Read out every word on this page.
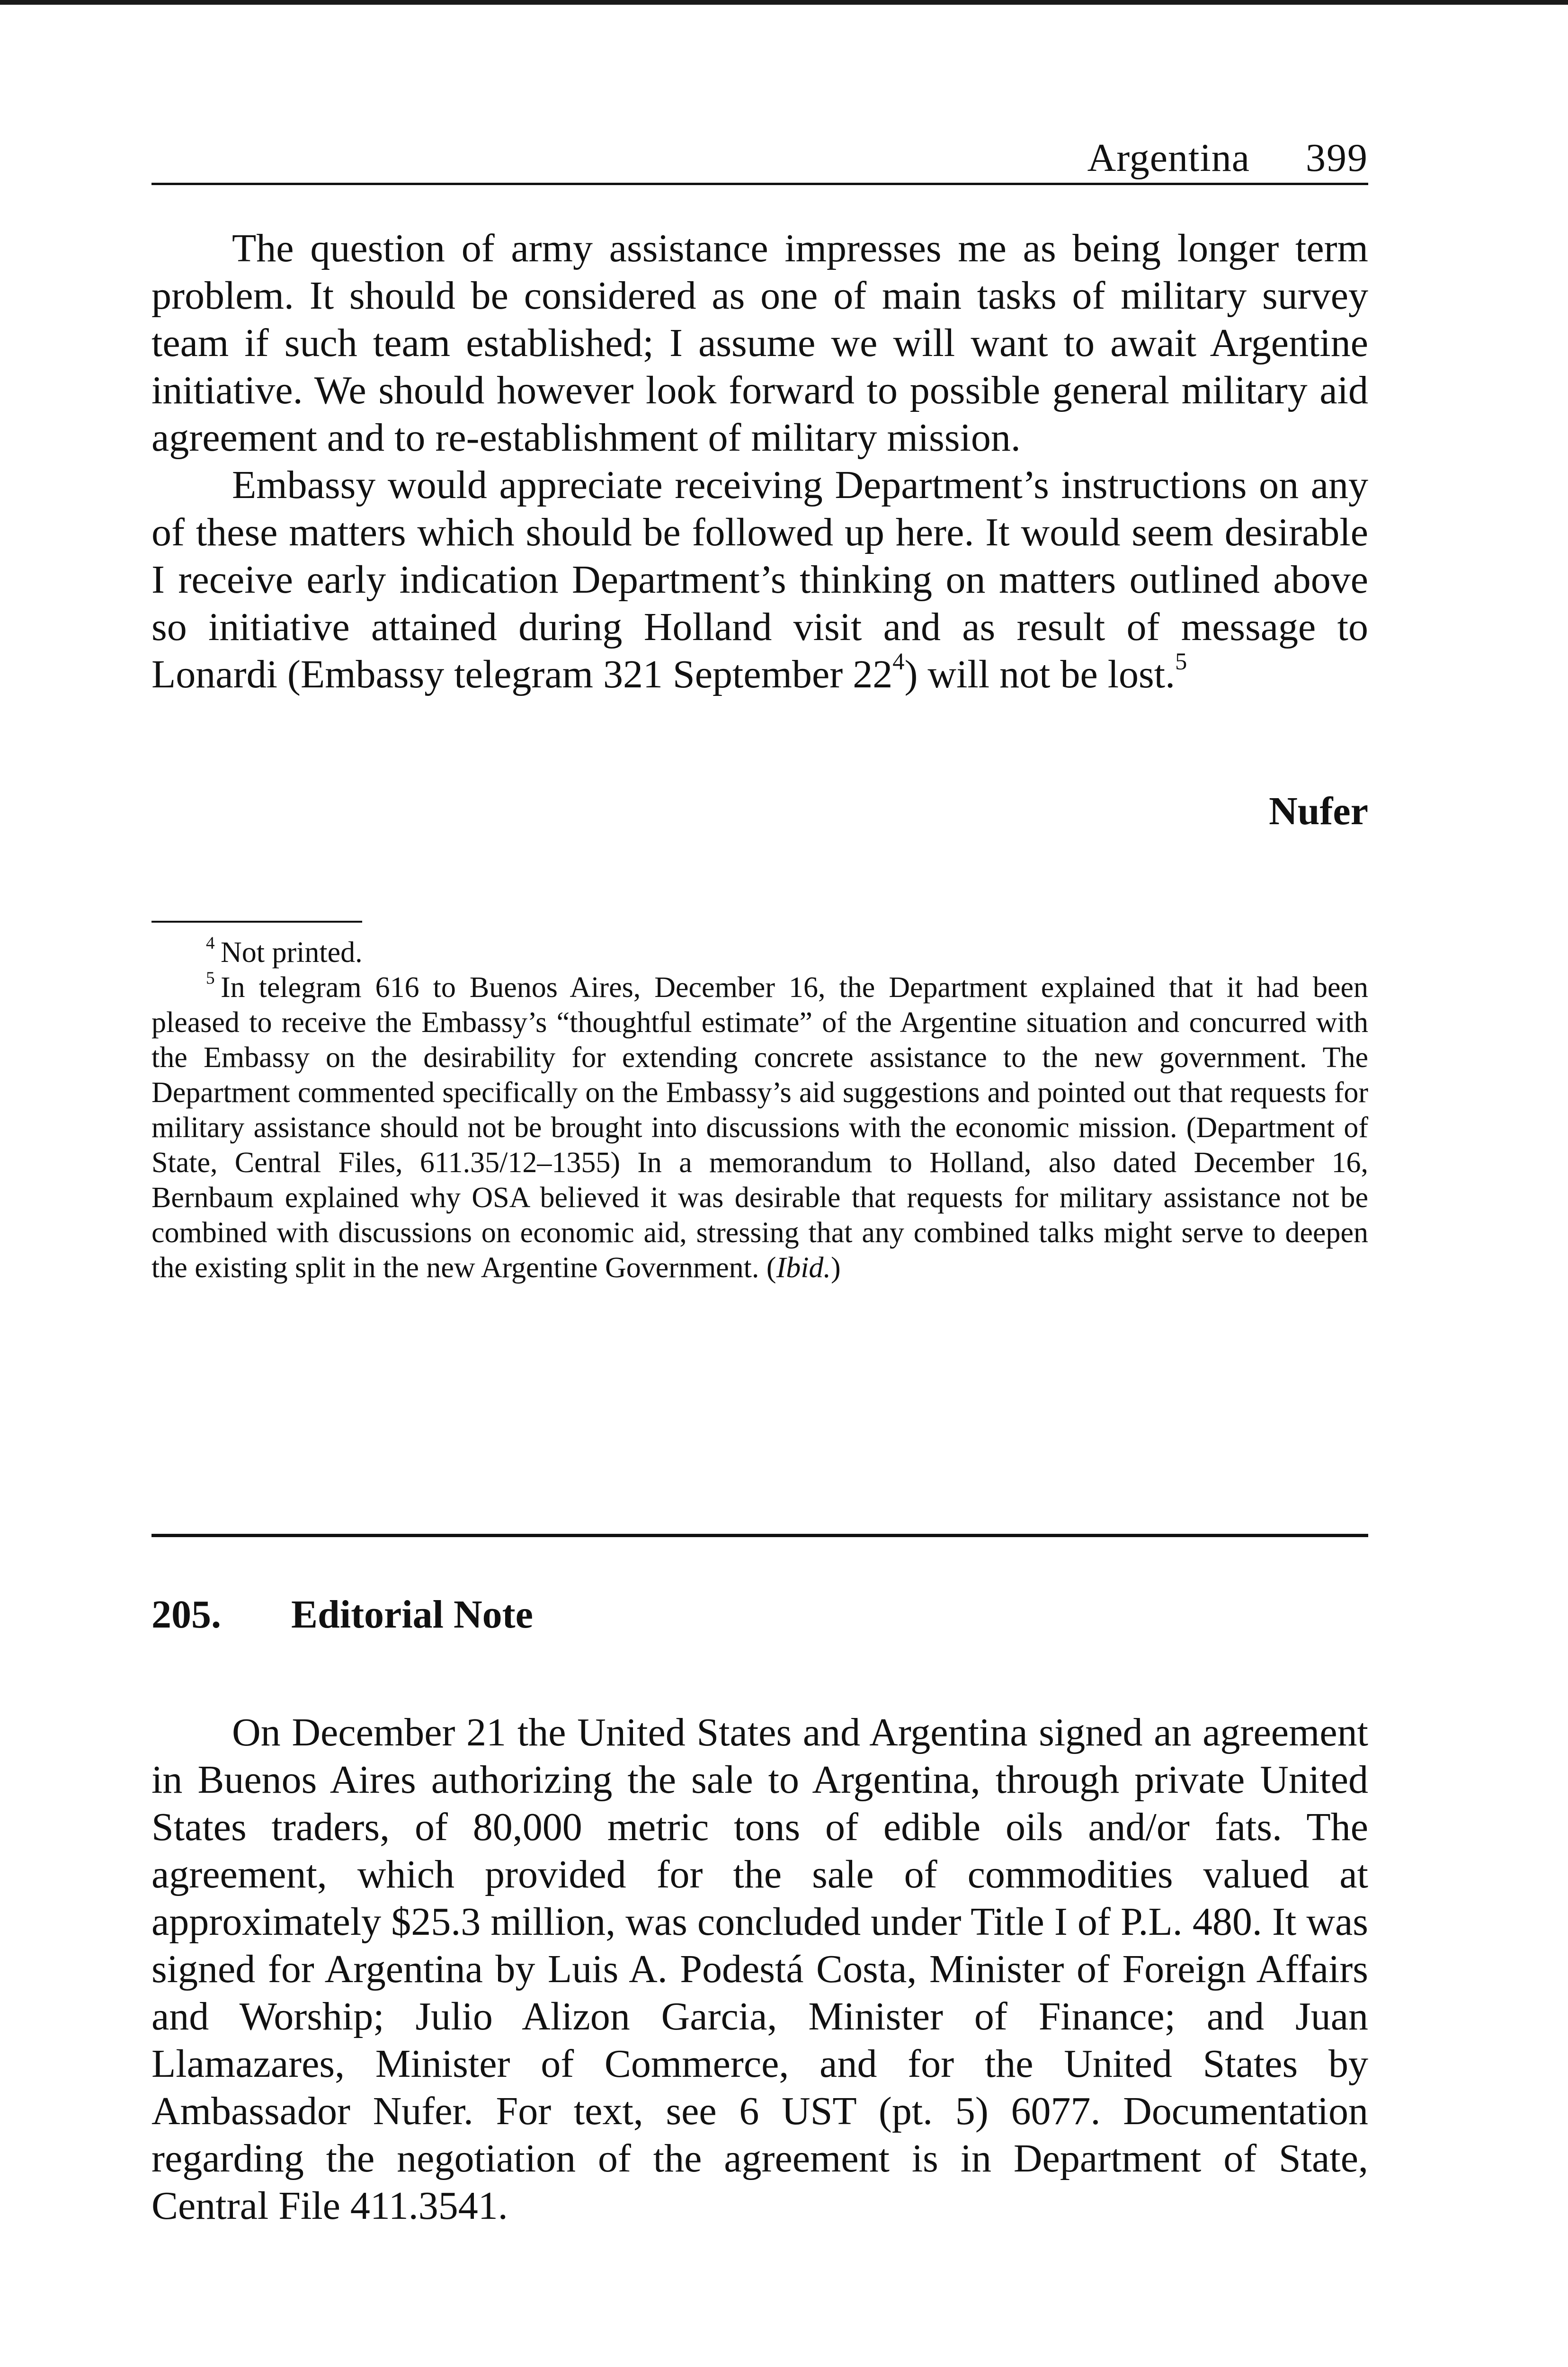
Argentina 399

The question of army assistance impresses me as being longer term problem. It should be considered as one of main tasks of military survey team if such team established; I assume we will want to await Argentine initiative. We should however look forward to possible general military aid agreement and to re-establishment of military mission.

Embassy would appreciate receiving Department’s instructions on any of these matters which should be followed up here. It would seem desirable I receive early indication Department’s thinking on matters outlined above so initiative attained during Holland visit and as result of message to Lonardi (Embassy telegram 321 September $22^4$) will not be lost.$^5$

Nufer

$^4$  Not printed.

$^5$  In telegram 616 to Buenos Aires, December 16, the Department explained that it had been pleased to receive the Embassy’s “thoughtful estimate” of the Argentine situation and concurred with the Embassy on the desirability for extending concrete assistance to the new government. The Department commented specifically on the Embassy’s aid suggestions and pointed out that requests for military assistance should not be brought into discussions with the economic mission. (Department of State, Central Files, 611.35/12–1355) In a memorandum to Holland, also dated December 16, Bernbaum explained why OSA believed it was desirable that requests for military assistance not be combined with discussions on economic aid, stressing that any combined talks might serve to deepen the existing split in the new Argentine Government. (Ibid.)

205. Editorial Note

On December 21 the United States and Argentina signed an agreement in Buenos Aires authorizing the sale to Argentina, through private United States traders, of 80,000 metric tons of edible oils and/or fats. The agreement, which provided for the sale of commodities valued at approximately $25.3 million, was concluded under Title I of P.L. 480. It was signed for Argentina by Luis A. Podestá Costa, Minister of Foreign Affairs and Worship; Julio Alizon Garcia, Minister of Finance; and Juan Llamazares, Minister of Commerce, and for the United States by Ambassador Nufer. For text, see 6 UST (pt. 5) 6077. Documentation regarding the negotiation of the agreement is in Department of State, Central File 411.3541.
